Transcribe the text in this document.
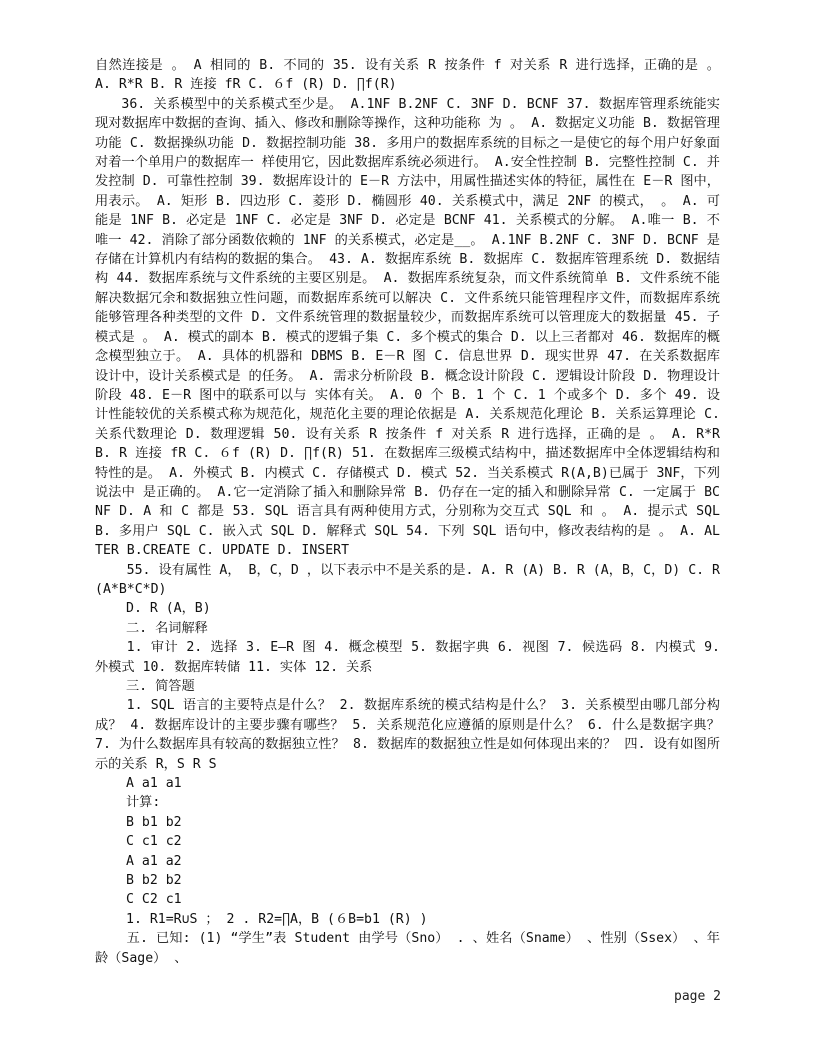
自然连接是 。 A 相同的 B. 不同的 35. 设有关系 R 按条件 f 对关系 R 进行选择，正确的是 。 A. R*R B. R 连接 fR C. ６f (R) D. ∏f(R)

36. 关系模型中的关系模式至少是。 A.1NF B.2NF C. 3NF D. BCNF 37. 数据库管理系统能实现对数据库中数据的查询、插入、修改和删除等操作，这种功能称 为 。 A. 数据定义功能 B. 数据管理功能 C. 数据操纵功能 D. 数据控制功能 38. 多用户的数据库系统的目标之一是使它的每个用户好象面对着一个单用户的数据库一 样使用它，因此数据库系统必须进行。 A.安全性控制 B. 完整性控制 C. 并发控制 D. 可靠性控制 39. 数据库设计的 E－R 方法中，用属性描述实体的特征，属性在 E－R 图中，用表示。 A. 矩形 B. 四边形 C. 菱形 D. 椭圆形 40. 关系模式中，满足 2NF 的模式， 。 A. 可能是 1NF B. 必定是 1NF C. 必定是 3NF D. 必定是 BCNF 41. 关系模式的分解。 A.唯一 B. 不唯一 42. 消除了部分函数依赖的 1NF 的关系模式，必定是__。 A.1NF B.2NF C. 3NF D. BCNF 是存储在计算机内有结构的数据的集合。 43. A. 数据库系统 B. 数据库 C. 数据库管理系统 D. 数据结构 44. 数据库系统与文件系统的主要区别是。 A. 数据库系统复杂，而文件系统简单 B. 文件系统不能解决数据冗余和数据独立性问题，而数据库系统可以解决 C. 文件系统只能管理程序文件，而数据库系统能够管理各种类型的文件 D. 文件系统管理的数据量较少，而数据库系统可以管理庞大的数据量 45. 子模式是 。 A. 模式的副本 B. 模式的逻辑子集 C. 多个模式的集合 D. 以上三者都对 46. 数据库的概念模型独立于。 A. 具体的机器和 DBMS B. E－R 图 C. 信息世界 D. 现实世界 47. 在关系数据库设计中，设计关系模式是 的任务。 A. 需求分析阶段 B. 概念设计阶段 C. 逻辑设计阶段 D. 物理设计阶段 48. E－R 图中的联系可以与 实体有关。 A. 0 个 B. 1 个 C. 1 个或多个 D. 多个 49. 设计性能较优的关系模式称为规范化，规范化主要的理论依据是 A. 关系规范化理论 B. 关系运算理论 C. 关系代数理论 D. 数理逻辑 50. 设有关系 R 按条件 f 对关系 R 进行选择，正确的是 。 A. R*R B. R 连接 fR C. ６f (R) D. ∏f(R) 51. 在数据库三级模式结构中，描述数据库中全体逻辑结构和特性的是。 A. 外模式 B. 内模式 C. 存储模式 D. 模式 52. 当关系模式 R(A,B)已属于 3NF，下列说法中 是正确的。 A.它一定消除了插入和删除异常 B. 仍存在一定的插入和删除异常 C. 一定属于 BCNF D. A 和 C 都是 53. SQL 语言具有两种使用方式，分别称为交互式 SQL 和 。 A. 提示式 SQL B. 多用户 SQL C. 嵌入式 SQL D. 解释式 SQL 54. 下列 SQL 语句中，修改表结构的是 。 A. ALTER B.CREATE C. UPDATE D. INSERT

55. 设有属性 A， B，C，D ，以下表示中不是关系的是. A. R (A) B. R (A，B，C，D) C. R (A*B*C*D)

D. R (A，B)

二. 名词解释

1. 审计 2. 选择 3. E—R 图 4. 概念模型 5. 数据字典 6. 视图 7. 候选码 8. 内模式 9. 外模式 10. 数据库转储 11. 实体 12. 关系

三. 简答题

1. SQL 语言的主要特点是什么？ 2. 数据库系统的模式结构是什么？ 3. 关系模型由哪几部分构成？ 4. 数据库设计的主要步骤有哪些？ 5. 关系规范化应遵循的原则是什么？ 6. 什么是数据字典？ 7. 为什么数据库具有较高的数据独立性？ 8. 数据库的数据独立性是如何体现出来的？ 四. 设有如图所示的关系 R，S R S

A a1 a1

计算:

B b1 b2

C c1 c2

A a1 a2

B b2 b2

C C2 c1

1. R1=R∪S ； 2 . R2=∏A，B (６B=b1 (R) )

五. 已知: (1) “学生”表 Student 由学号（Sno） . 、姓名（Sname） 、性别（Ssex） 、年龄（Sage） 、

page 2
